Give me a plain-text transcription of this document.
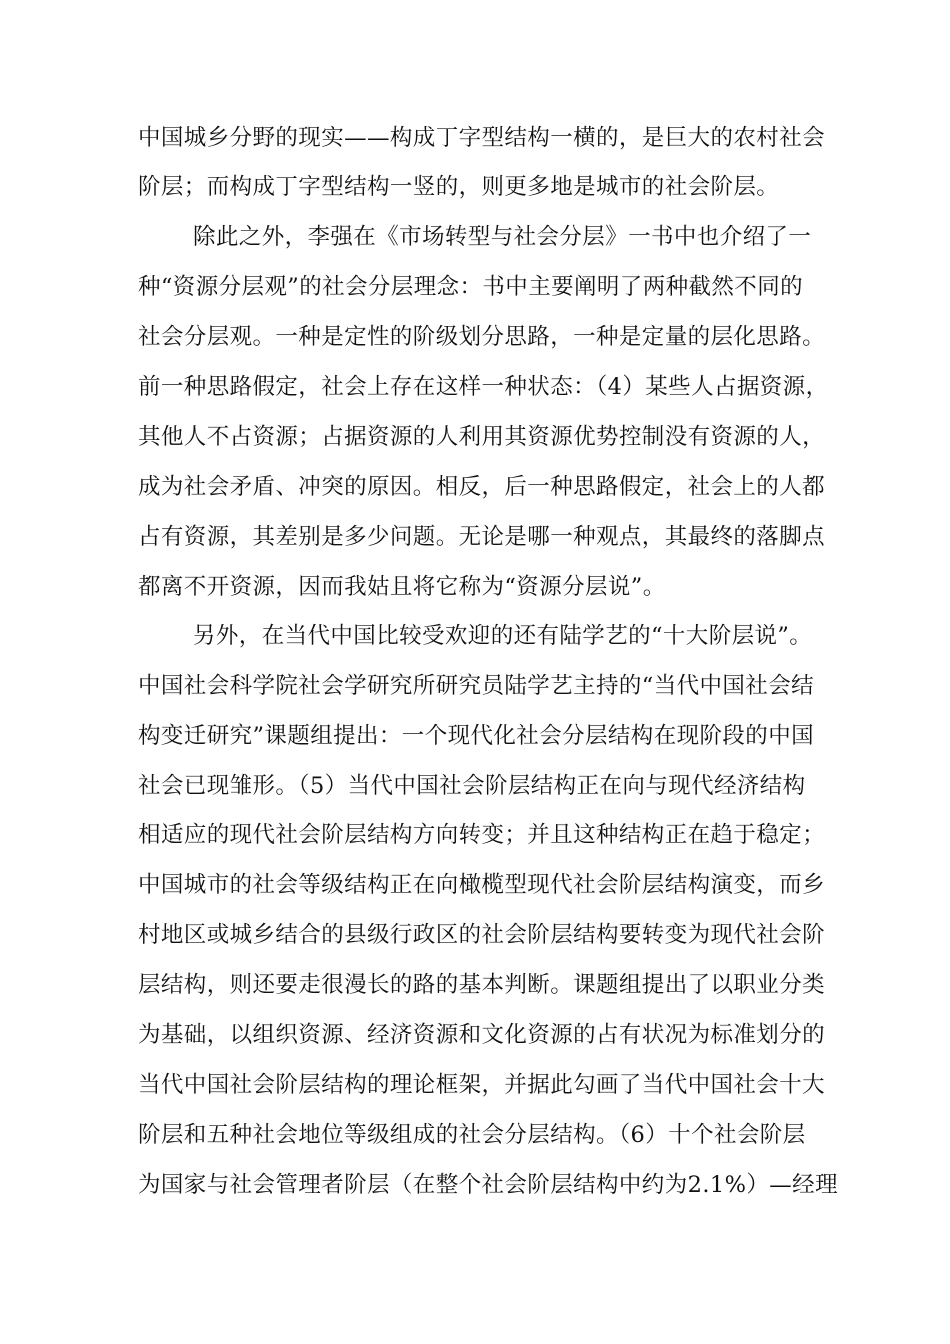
中国城乡分野的现实——构成丁字型结构一横的，是巨大的农村社会
阶层；而构成丁字型结构一竖的，则更多地是城市的社会阶层。
除此之外，李强在《市场转型与社会分层》一书中也介绍了一
种“资源分层观”的社会分层理念：书中主要阐明了两种截然不同的
社会分层观。一种是定性的阶级划分思路，一种是定量的层化思路。
前一种思路假定，社会上存在这样一种状态：（4）某些人占据资源，
其他人不占资源；占据资源的人利用其资源优势控制没有资源的人，
成为社会矛盾、冲突的原因。相反，后一种思路假定，社会上的人都
占有资源，其差别是多少问题。无论是哪一种观点，其最终的落脚点
都离不开资源，因而我姑且将它称为“资源分层说”。
另外，在当代中国比较受欢迎的还有陆学艺的“十大阶层说”。
中国社会科学院社会学研究所研究员陆学艺主持的“当代中国社会结
构变迁研究”课题组提出：一个现代化社会分层结构在现阶段的中国
社会已现雏形。（5）当代中国社会阶层结构正在向与现代经济结构
相适应的现代社会阶层结构方向转变；并且这种结构正在趋于稳定；
中国城市的社会等级结构正在向橄榄型现代社会阶层结构演变，而乡
村地区或城乡结合的县级行政区的社会阶层结构要转变为现代社会阶
层结构，则还要走很漫长的路的基本判断。课题组提出了以职业分类
为基础，以组织资源、经济资源和文化资源的占有状况为标准划分的
当代中国社会阶层结构的理论框架，并据此勾画了当代中国社会十大
阶层和五种社会地位等级组成的社会分层结构。（6）十个社会阶层
为国家与社会管理者阶层（在整个社会阶层结构中约为2.1%）—经理
